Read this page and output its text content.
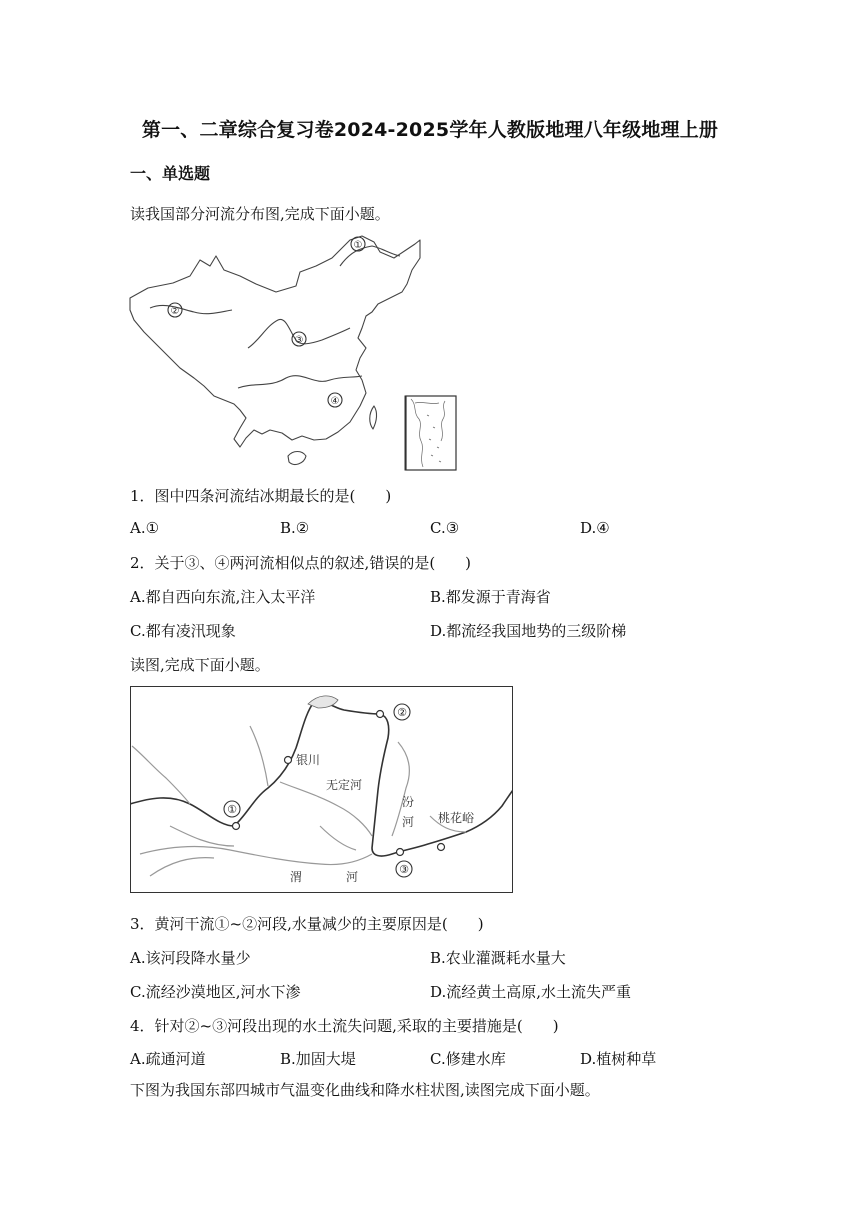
第一、二章综合复习卷2024-2025学年人教版地理八年级地理上册
一、单选题
读我国部分河流分布图,完成下面小题。
①
②
③
④
1．图中四条河流结冰期最长的是(　　)
A.①	B.②	C.③	D.④
2．关于③、④两河流相似点的叙述,错误的是(　　)
A.都自西向东流,注入太平洋	B.都发源于青海省
C.都有凌汛现象	D.都流经我国地势的三级阶梯
读图,完成下面小题。
②
①
③
银川
无定河
汾
河 桃花峪
渭	河
3．黄河干流①~②河段,水量减少的主要原因是(　　)
A.该河段降水量少	B.农业灌溉耗水量大
C.流经沙漠地区,河水下渗	D.流经黄土高原,水土流失严重
4．针对②~③河段出现的水土流失问题,采取的主要措施是(　　)
A.疏通河道	B.加固大堤	C.修建水库	D.植树种草
下图为我国东部四城市气温变化曲线和降水柱状图,读图完成下面小题。
